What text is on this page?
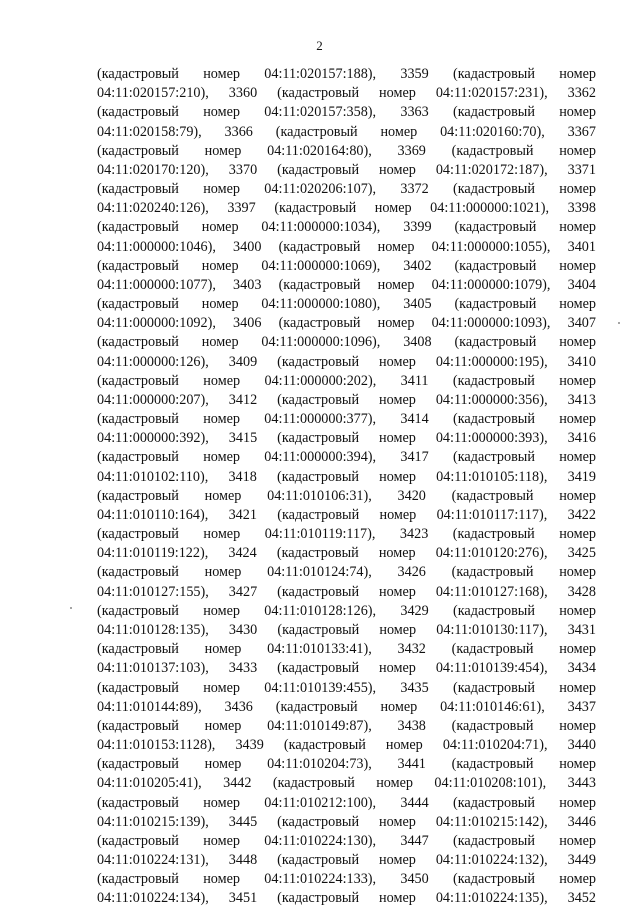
2
(кадастровый номер 04:11:020157:188), 3359 (кадастровый номер
04:11:020157:210), 3360 (кадастровый номер 04:11:020157:231), 3362
(кадастровый номер 04:11:020157:358), 3363 (кадастровый номер
04:11:020158:79), 3366 (кадастровый номер 04:11:020160:70), 3367
(кадастровый номер 04:11:020164:80), 3369 (кадастровый номер
04:11:020170:120), 3370 (кадастровый номер 04:11:020172:187), 3371
(кадастровый номер 04:11:020206:107), 3372 (кадастровый номер
04:11:020240:126), 3397 (кадастровый номер 04:11:000000:1021), 3398
(кадастровый номер 04:11:000000:1034), 3399 (кадастровый номер
04:11:000000:1046), 3400 (кадастровый номер 04:11:000000:1055), 3401
(кадастровый номер 04:11:000000:1069), 3402 (кадастровый номер
04:11:000000:1077), 3403 (кадастровый номер 04:11:000000:1079), 3404
(кадастровый номер 04:11:000000:1080), 3405 (кадастровый номер
04:11:000000:1092), 3406 (кадастровый номер 04:11:000000:1093), 3407
(кадастровый номер 04:11:000000:1096), 3408 (кадастровый номер
04:11:000000:126), 3409 (кадастровый номер 04:11:000000:195), 3410
(кадастровый номер 04:11:000000:202), 3411 (кадастровый номер
04:11:000000:207), 3412 (кадастровый номер 04:11:000000:356), 3413
(кадастровый номер 04:11:000000:377), 3414 (кадастровый номер
04:11:000000:392), 3415 (кадастровый номер 04:11:000000:393), 3416
(кадастровый номер 04:11:000000:394), 3417 (кадастровый номер
04:11:010102:110), 3418 (кадастровый номер 04:11:010105:118), 3419
(кадастровый номер 04:11:010106:31), 3420 (кадастровый номер
04:11:010110:164), 3421 (кадастровый номер 04:11:010117:117), 3422
(кадастровый номер 04:11:010119:117), 3423 (кадастровый номер
04:11:010119:122), 3424 (кадастровый номер 04:11:010120:276), 3425
(кадастровый номер 04:11:010124:74), 3426 (кадастровый номер
04:11:010127:155), 3427 (кадастровый номер 04:11:010127:168), 3428
(кадастровый номер 04:11:010128:126), 3429 (кадастровый номер
04:11:010128:135), 3430 (кадастровый номер 04:11:010130:117), 3431
(кадастровый номер 04:11:010133:41), 3432 (кадастровый номер
04:11:010137:103), 3433 (кадастровый номер 04:11:010139:454), 3434
(кадастровый номер 04:11:010139:455), 3435 (кадастровый номер
04:11:010144:89), 3436 (кадастровый номер 04:11:010146:61), 3437
(кадастровый номер 04:11:010149:87), 3438 (кадастровый номер
04:11:010153:1128), 3439 (кадастровый номер 04:11:010204:71), 3440
(кадастровый номер 04:11:010204:73), 3441 (кадастровый номер
04:11:010205:41), 3442 (кадастровый номер 04:11:010208:101), 3443
(кадастровый номер 04:11:010212:100), 3444 (кадастровый номер
04:11:010215:139), 3445 (кадастровый номер 04:11:010215:142), 3446
(кадастровый номер 04:11:010224:130), 3447 (кадастровый номер
04:11:010224:131), 3448 (кадастровый номер 04:11:010224:132), 3449
(кадастровый номер 04:11:010224:133), 3450 (кадастровый номер
04:11:010224:134), 3451 (кадастровый номер 04:11:010224:135), 3452
